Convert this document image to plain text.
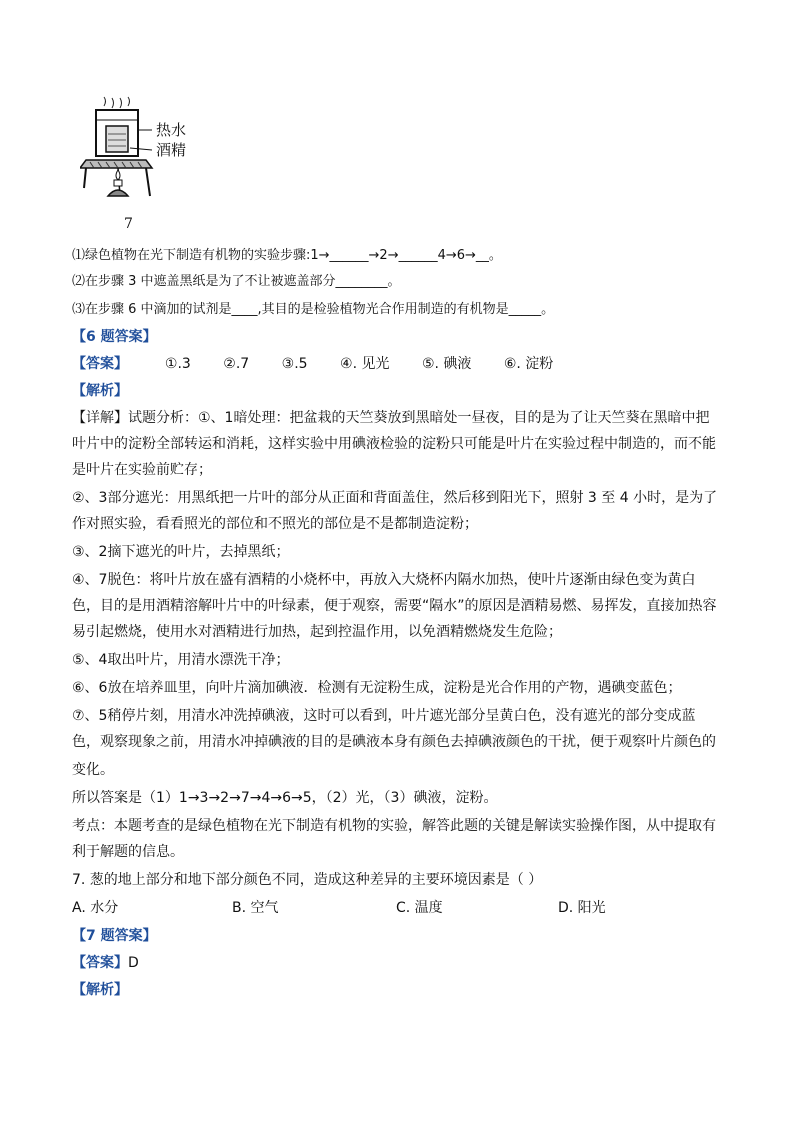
热水
酒精
7
⑴绿色植物在光下制造有机物的实验步骤:1→______→2→______4→6→__。
⑵在步骤 3 中遮盖黑纸是为了不让被遮盖部分________。
⑶在步骤 6 中滴加的试剂是____,其目的是检验植物光合作用制造的有机物是_____。
【6 题答案】
【答案】	①.3 ②.7 ③.5 ④. 见光 ⑤. 碘液 ⑥. 淀粉
【解析】
【详解】试题分析：①、1暗处理：把盆栽的天竺葵放到黑暗处一昼夜，目的是为了让天竺葵在黑暗中把
叶片中的淀粉全部转运和消耗，这样实验中用碘液检验的淀粉只可能是叶片在实验过程中制造的，而不能
是叶片在实验前贮存；
②、3部分遮光：用黑纸把一片叶的部分从正面和背面盖住，然后移到阳光下，照射 3 至 4 小时，是为了
作对照实验，看看照光的部位和不照光的部位是不是都制造淀粉；
③、2摘下遮光的叶片，去掉黑纸；
④、7脱色：将叶片放在盛有酒精的小烧杯中，再放入大烧杯内隔水加热，使叶片逐渐由绿色变为黄白
色，目的是用酒精溶解叶片中的叶绿素，便于观察，需要“隔水”的原因是酒精易燃、易挥发，直接加热容
易引起燃烧，使用水对酒精进行加热，起到控温作用，以免酒精燃烧发生危险；
⑤、4取出叶片，用清水漂洗干净；
⑥、6放在培养皿里，向叶片滴加碘液．检测有无淀粉生成，淀粉是光合作用的产物，遇碘变蓝色；
⑦、5稍停片刻，用清水冲洗掉碘液，这时可以看到，叶片遮光部分呈黄白色，没有遮光的部分变成蓝
色，观察现象之前，用清水冲掉碘液的目的是碘液本身有颜色去掉碘液颜色的干扰，便于观察叶片颜色的
变化。
所以答案是（1）1→3→2→7→4→6→5，（2）光，（3）碘液，淀粉。
考点：本题考查的是绿色植物在光下制造有机物的实验，解答此题的关键是解读实验操作图，从中提取有
利于解题的信息。
7. 葱的地上部分和地下部分颜色不同，造成这种差异的主要环境因素是（ ）
A. 水分	B. 空气	C. 温度	D. 阳光
【7 题答案】
【答案】D
【解析】
